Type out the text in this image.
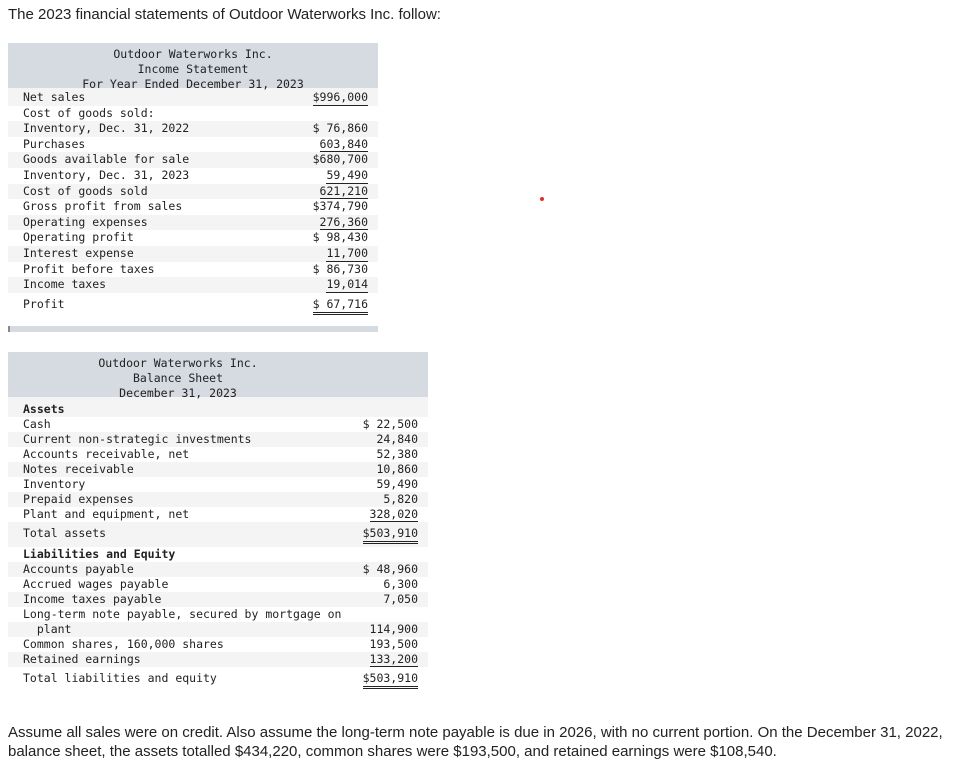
The 2023 financial statements of Outdoor Waterworks Inc. follow:
Outdoor Waterworks Inc.
Income Statement
For Year Ended December 31, 2023
Net sales	$996,000
Cost of goods sold:
Inventory, Dec. 31, 2022	$ 76,860
Purchases	603,840
Goods available for sale	$680,700
Inventory, Dec. 31, 2023	59,490
Cost of goods sold	621,210
Gross profit from sales	$374,790
Operating expenses	276,360
Operating profit	$ 98,430
Interest expense	11,700
Profit before taxes	$ 86,730
Income taxes	19,014
Profit	$ 67,716
Outdoor Waterworks Inc.
Balance Sheet
December 31, 2023
Assets
Cash	$ 22,500
Current non-strategic investments	24,840
Accounts receivable, net	52,380
Notes receivable	10,860
Inventory	59,490
Prepaid expenses	5,820
Plant and equipment, net	328,020
Total assets	$503,910
Liabilities and Equity
Accounts payable	$ 48,960
Accrued wages payable	6,300
Income taxes payable	7,050
Long-term note payable, secured by mortgage on
plant	114,900
Common shares, 160,000 shares	193,500
Retained earnings	133,200
Total liabilities and equity	$503,910
Assume all sales were on credit. Also assume the long-term note payable is due in 2026, with no current portion. On the December 31, 2022, balance sheet, the assets totalled $434,220, common shares were $193,500, and retained earnings were $108,540.
